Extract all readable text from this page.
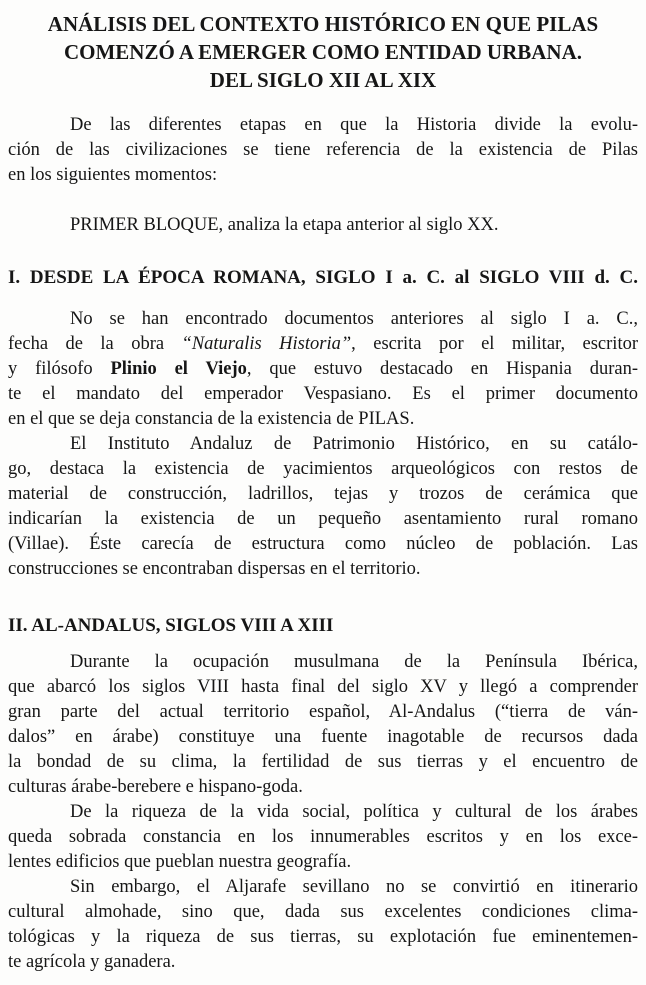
ANÁLISIS DEL CONTEXTO HISTÓRICO EN QUE PILAS
COMENZÓ A EMERGER COMO ENTIDAD URBANA.
DEL SIGLO XII AL XIX
De las diferentes etapas en que la Historia divide la evolu-
ción de las civilizaciones se tiene referencia de la existencia de Pilas
en los siguientes momentos:
PRIMER BLOQUE, analiza la etapa anterior al siglo XX.
I. DESDE LA ÉPOCA ROMANA, SIGLO I a. C. al SIGLO VIII d. C.
No se han encontrado documentos anteriores al siglo I a. C.,
fecha de la obra “Naturalis Historia”, escrita por el militar, escritor
y filósofo Plinio el Viejo, que estuvo destacado en Hispania duran-
te el mandato del emperador Vespasiano. Es el primer documento
en el que se deja constancia de la existencia de PILAS.
El Instituto Andaluz de Patrimonio Histórico, en su catálo-
go, destaca la existencia de yacimientos arqueológicos con restos de
material de construcción, ladrillos, tejas y trozos de cerámica que
indicarían la existencia de un pequeño asentamiento rural romano
(Villae). Éste carecía de estructura como núcleo de población. Las
construcciones se encontraban dispersas en el territorio.
II. AL-ANDALUS, SIGLOS VIII A XIII
Durante la ocupación musulmana de la Península Ibérica,
que abarcó los siglos VIII hasta final del siglo XV y llegó a comprender
gran parte del actual territorio español, Al-Andalus (“tierra de ván-
dalos” en árabe) constituye una fuente inagotable de recursos dada
la bondad de su clima, la fertilidad de sus tierras y el encuentro de
culturas árabe-berebere e hispano-goda.
De la riqueza de la vida social, política y cultural de los árabes
queda sobrada constancia en los innumerables escritos y en los exce-
lentes edificios que pueblan nuestra geografía.
Sin embargo, el Aljarafe sevillano no se convirtió en itinerario
cultural almohade, sino que, dada sus excelentes condiciones clima-
tológicas y la riqueza de sus tierras, su explotación fue eminentemen-
te agrícola y ganadera.
